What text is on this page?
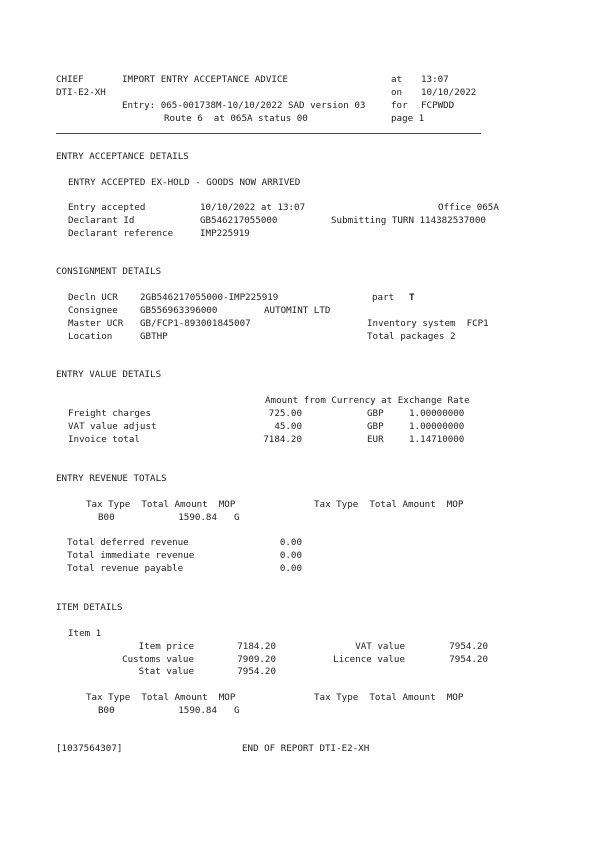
CHIEF	IMPORT ENTRY ACCEPTANCE ADVICE	at 13:07
DTI-E2-XH	on 10/10/2022
Entry: 065-001738M-10/10/2022 SAD version 03	for FCPWDD
Route 6  at 065A status 00	page 1
ENTRY ACCEPTANCE DETAILS
ENTRY ACCEPTED EX-HOLD - GOODS NOW ARRIVED
Entry accepted	10/10/2022 at 13:07	Office 065A
Declarant Id	GB546217055000	Submitting TURN 114382537000
Declarant reference	IMP225919
CONSIGNMENT DETAILS
Decln UCR 2GB546217055000-IMP225919	part T
Consignee GB556963396000	AUTOMINT LTD
Master UCR GB/FCP1-893001845007	Inventory system  FCP1
Location	GBTHP	Total packages 2
ENTRY VALUE DETAILS
Amount from Currency at Exchange Rate
Freight charges	725.00	GBP	1.00000000
VAT value adjust	45.00	GBP	1.00000000
Invoice total	7184.20	EUR	1.14710000
ENTRY REVENUE TOTALS
Tax Type  Total Amount  MOP	Tax Type  Total Amount  MOP
B00	1590.84 G
Total deferred revenue	0.00
Total immediate revenue	0.00
Total revenue payable	0.00
ITEM DETAILS
Item 1
Item price	7184.20	VAT value	7954.20
Customs value	7909.20	Licence value	7954.20
Stat value	7954.20
Tax Type  Total Amount  MOP	Tax Type  Total Amount  MOP
B00	1590.84 G
[1037564307]	END OF REPORT DTI-E2-XH
